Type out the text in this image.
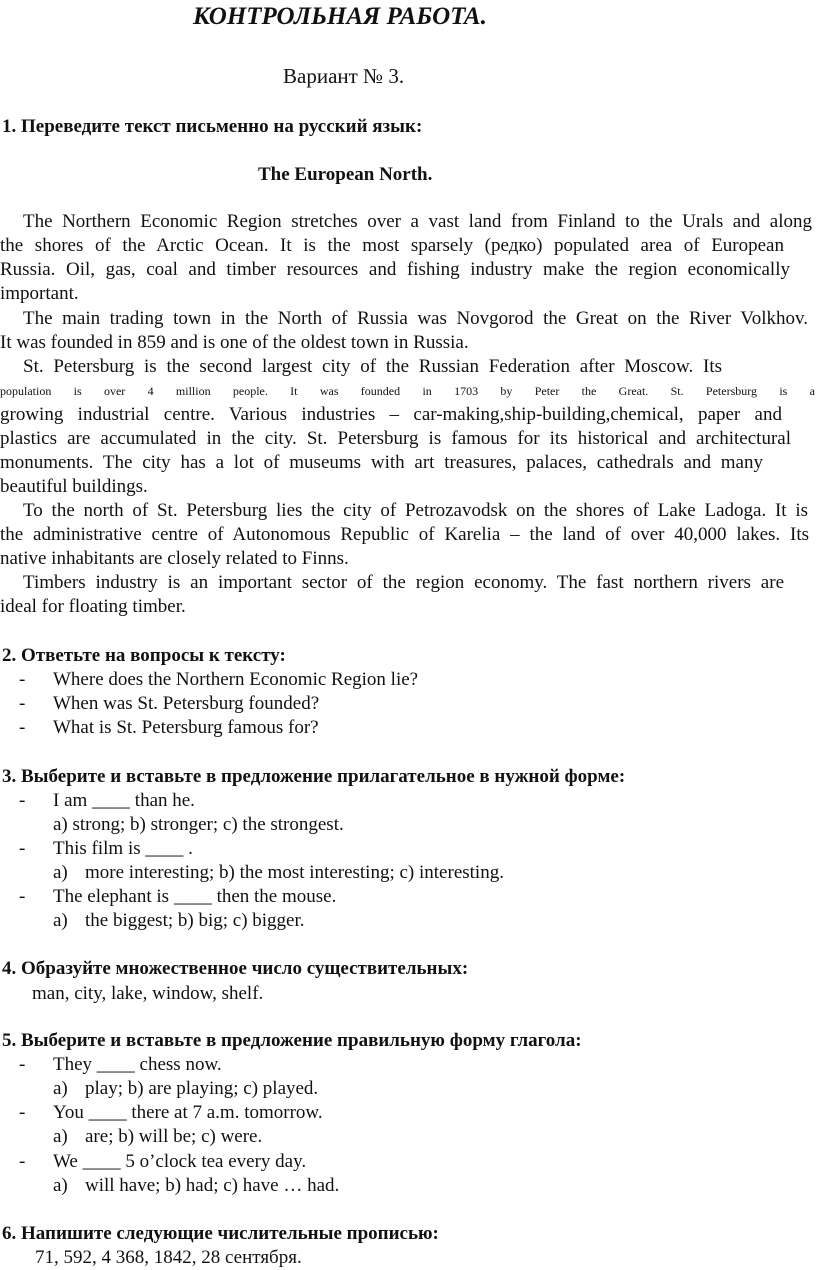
КОНТРОЛЬНАЯ РАБОТА.
Вариант № 3.
1. Переведите текст письменно на русский язык:
The European North.
The Northern Economic Region stretches over a vast land from Finland to the Urals and along
the shores of the Arctic Ocean. It is the most sparsely (редко) populated area of European
Russia. Oil, gas, coal and timber resources and fishing industry make the region economically
important.
The main trading town in the North of Russia was Novgorod the Great on the River Volkhov.
It was founded in 859 and is one of the oldest town in Russia.
St. Petersburg is the second largest city of the Russian Federation after Moscow. Its
population is over 4 million people. It was founded in 1703 by Peter the Great. St. Petersburg is a
growing industrial centre. Various industries – car-making,ship-building,chemical, paper and
plastics are accumulated in the city. St. Petersburg is famous for its historical and architectural
monuments. The city has a lot of museums with art treasures, palaces, cathedrals and many
beautiful buildings.
To the north of St. Petersburg lies the city of Petrozavodsk on the shores of Lake Ladoga. It is
the administrative centre of Autonomous Republic of Karelia – the land of over 40,000 lakes. Its
native inhabitants are closely related to Finns.
Timbers industry is an important sector of the region economy. The fast northern rivers are
ideal for floating timber.
2. Ответьте на вопросы к тексту:
- Where does the Northern Economic Region lie?
- When was St. Petersburg founded?
- What is St. Petersburg famous for?
3. Выберите и вставьте в предложение прилагательное в нужной форме:
- I am ____ than he.
a) strong; b) stronger; c) the strongest.
- This film is ____ .
a) more interesting; b) the most interesting; c) interesting.
- The elephant is ____ then the mouse.
a) the biggest; b) big; c) bigger.
4. Образуйте множественное число существительных:
man, city, lake, window, shelf.
5. Выберите и вставьте в предложение правильную форму глагола:
- They ____ chess now.
a) play; b) are playing; c) played.
- You ____ there at 7 a.m. tomorrow.
a) are; b) will be; c) were.
- We ____ 5 o’clock tea every day.
a) will have; b) had; c) have … had.
6. Напишите следующие числительные прописью:
71, 592, 4 368, 1842, 28 сентября.
